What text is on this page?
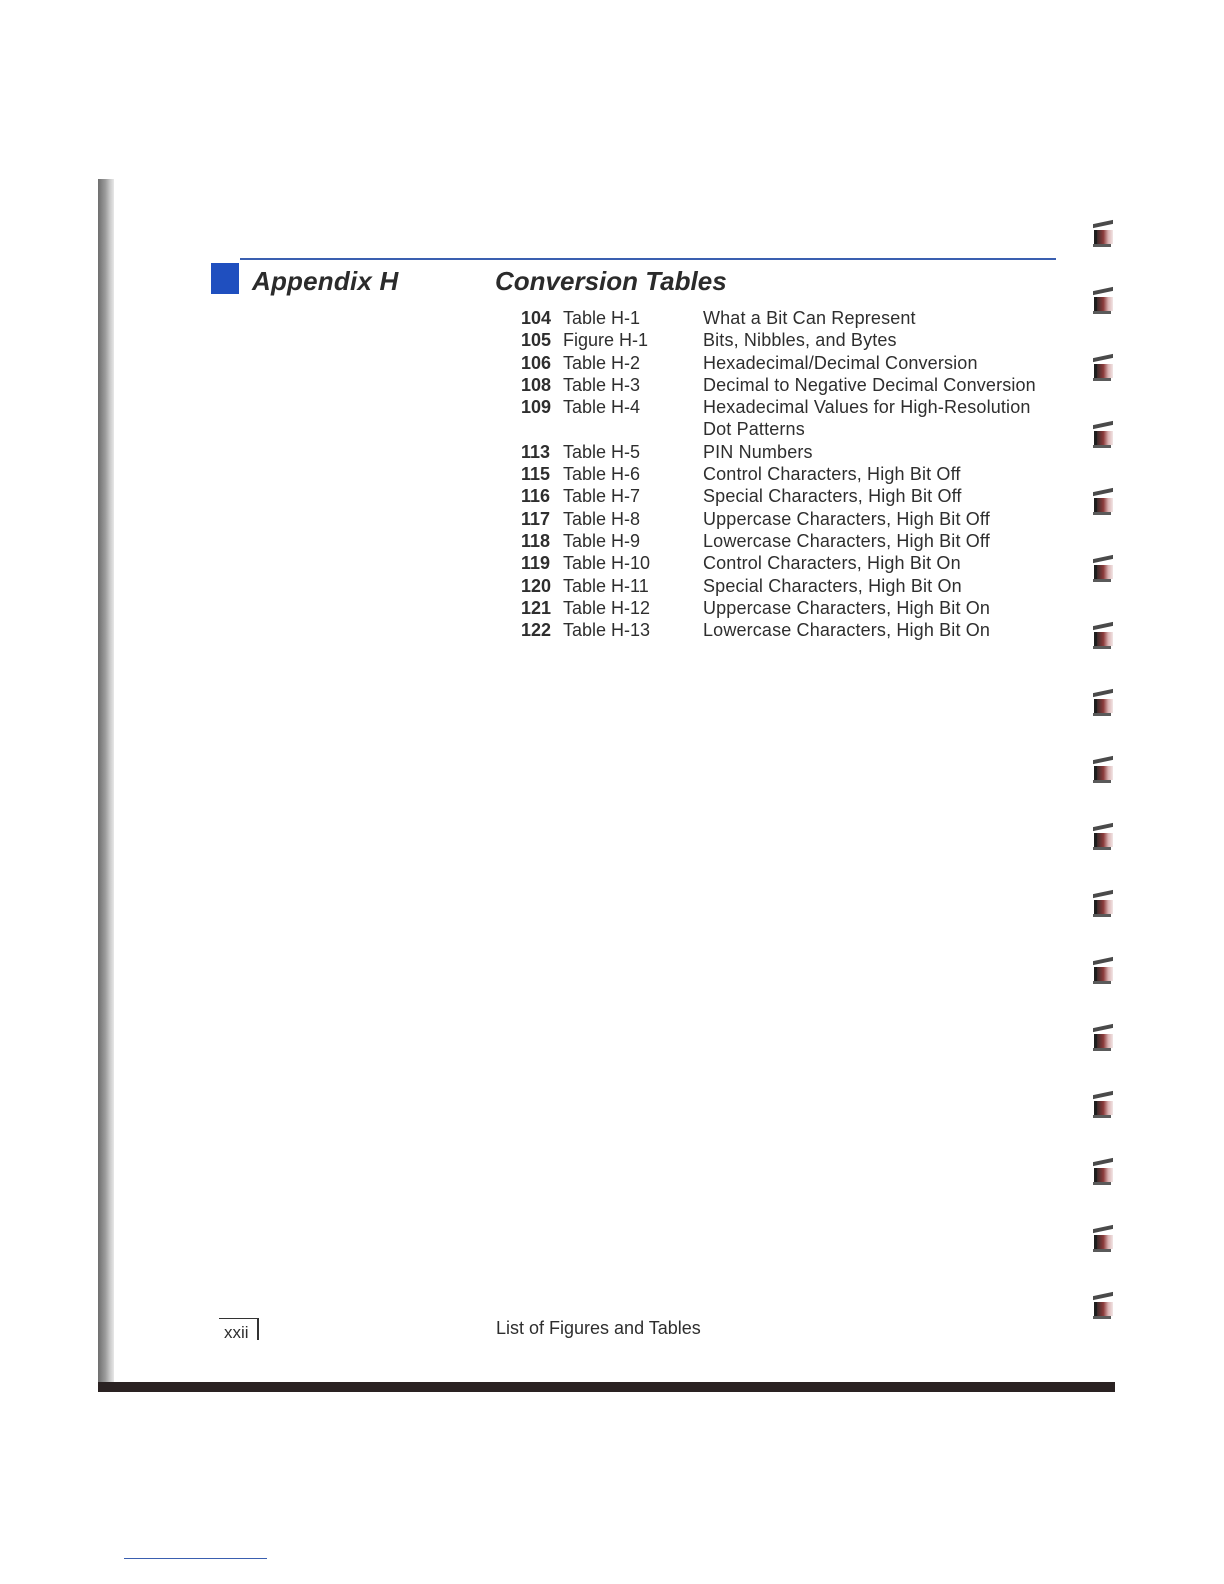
Appendix H	Conversion Tables
104 Table H-1	What a Bit Can Represent
105 Figure H-1	Bits, Nibbles, and Bytes
106 Table H-2	Hexadecimal/Decimal Conversion
108 Table H-3	Decimal to Negative Decimal Conversion
109 Table H-4	Hexadecimal Values for High-Resolution
Dot Patterns
113 Table H-5	PIN Numbers
115 Table H-6	Control Characters, High Bit Off
116 Table H-7	Special Characters, High Bit Off
117 Table H-8	Uppercase Characters, High Bit Off
118 Table H-9	Lowercase Characters, High Bit Off
119 Table H-10	Control Characters, High Bit On
120 Table H-11	Special Characters, High Bit On
121 Table H-12	Uppercase Characters, High Bit On
122 Table H-13	Lowercase Characters, High Bit On
xxii	List of Figures and Tables
